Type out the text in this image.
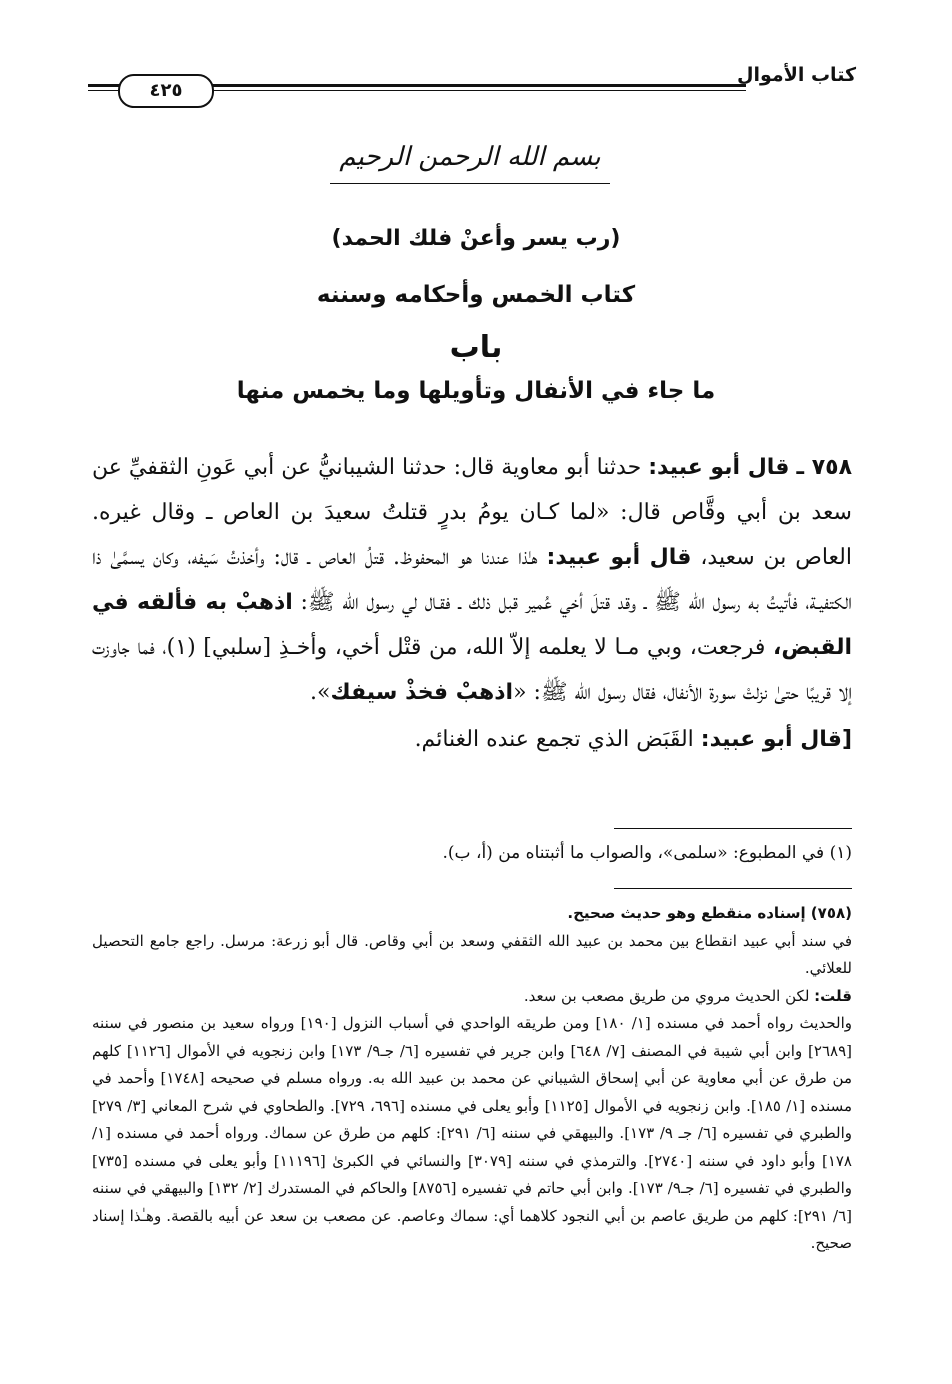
كتاب الأموال
٤٢٥
بسم الله الرحمن الرحيم
(رب يسر وأعنْ فلك الحمد)
كتاب الخمس وأحكامه وسننه
باب
ما جاء في الأنفال وتأويلها وما يخمس منها

٧٥٨ ـ قال أبو عبيد: حدثنا أبو معاوية قال: حدثنا الشيبانيُّ عن أبي عَونِ الثقفيِّ عن سعد بن أبي وقَّاص قال: «لما كـان يومُ بدرٍ قتلتُ سعيدَ بن العاص ـ وقال غيره. العاص بن سعيد، قال أبو عبيد: هـٰذا عندنا هو المحفوظ. قتلُ العاص ـ قال: وأخذتُ سَيفه، وكان يسمَّىٰ ذا الكتفيـة، فأتيتُ به رسول الله ﷺ ـ وقد قتلَ أخي عُمير قبل ذلك ـ فقـال لي رسول الله ﷺ: اذهبْ به فألقه في القبض، فرجعت، وبي مـا لا يعلمه إلاّ الله، من قتْل أخي، وأخـذِ [سلبي] (١)، فما جاوزت إلا قريبًا حتىٰ نزلتْ سورة الأنفال، فقال رسول الله ﷺ: «اذهبْ فخذْ سيفك».

[قال أبو عبيد: القَبَض الذي تجمع عنده الغنائم.

(١) في المطبوع: «سلمى»، والصواب ما أثبتناه من (أ، ب).

(٧٥٨) إسناده منقطع وهو حديث صحيح.

في سند أبي عبيد انقطاع بين محمد بن عبيد الله الثقفي وسعد بن أبي وقاص. قال أبو زرعة: مرسل. راجع جامع التحصيل للعلائي.

قلت: لكن الحديث مروي من طريق مصعب بن سعد.

والحديث رواه أحمد في مسنده [١/ ١٨٠] ومن طريقه الواحدي في أسباب النزول [١٩٠] ورواه سعيد بن منصور في سننه [٢٦٨٩] وابن أبي شيبة في المصنف [٧/ ٦٤٨] وابن جرير في تفسيره [٦/ جـ٩/ ١٧٣] وابن زنجويه في الأموال [١١٢٦] كلهم من طرق عن أبي معاوية عن أبي إسحاق الشيباني عن محمد بن عبيد الله به. ورواه مسلم في صحيحه [١٧٤٨] وأحمد في مسنده [١/ ١٨٥]. وابن زنجويه في الأموال [١١٢٥] وأبو يعلى في مسنده [٦٩٦، ٧٢٩]. والطحاوي في شرح المعاني [٣/ ٢٧٩] والطبري في تفسيره [٦/ جـ ٩/ ١٧٣]. والبيهقي في سننه [٦/ ٢٩١]: كلهم من طرق عن سماك. ورواه أحمد في مسنده [١/ ١٧٨] وأبو داود في سننه [٢٧٤٠]. والترمذي في سننه [٣٠٧٩] والنسائي في الكبرىٰ [١١١٩٦] وأبو يعلى في مسنده [٧٣٥] والطبري في تفسيره [٦/ جـ٩/ ١٧٣]. وابن أبي حاتم في تفسيره [٨٧٥٦] والحاكم في المستدرك [٢/ ١٣٢] والبيهقي في سننه [٦/ ٢٩١]: كلهم من طريق عاصم بن أبي النجود كلاهما أي: سماك وعاصم. عن مصعب بن سعد عن أبيه بالقصة. وهـٰذا إسناد صحيح.
